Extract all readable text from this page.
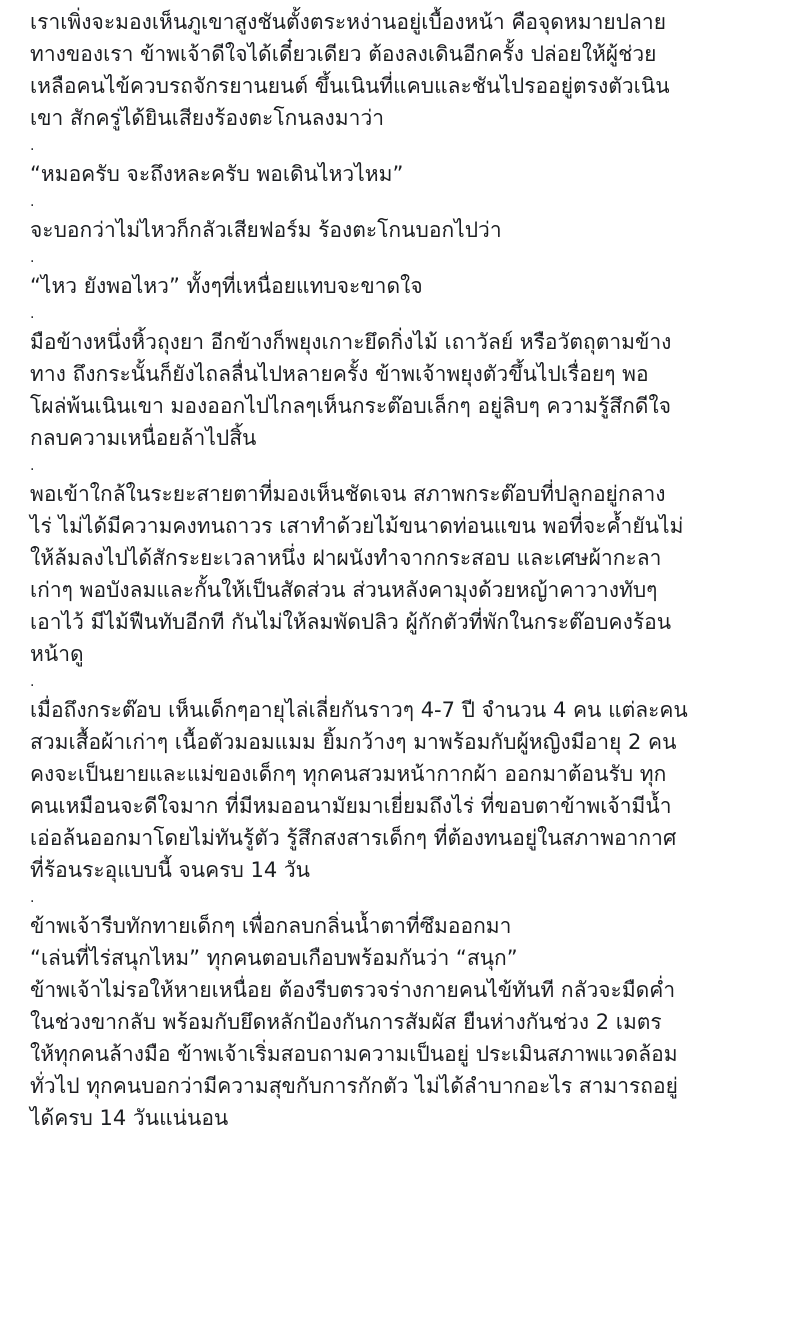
เราเพิ่งจะมองเห็นภูเขาสูงชันตั้งตระหง่านอยู่เบื้องหน้า คือจุดหมายปลาย
ทางของเรา ข้าพเจ้าดีใจได้เดี๋ยวเดียว ต้องลงเดินอีกครั้ง ปล่อยให้ผู้ช่วย
เหลือคนไข้ควบรถจักรยานยนต์ ขึ้นเนินที่แคบและชันไปรออยู่ตรงตัวเนิน
เขา สักครู่ได้ยินเสียงร้องตะโกนลงมาว่า
.
“หมอครับ จะถึงหละครับ พอเดินไหวไหม”
.
จะบอกว่าไม่ไหวก็กลัวเสียฟอร์ม ร้องตะโกนบอกไปว่า
.
“ไหว ยังพอไหว” ทั้งๆที่เหนื่อยแทบจะขาดใจ
.
มือข้างหนึ่งหิ้วถุงยา อีกข้างก็พยุงเกาะยึดกิ่งไม้ เถาวัลย์ หรือวัตถุตามข้าง
ทาง ถึงกระนั้นก็ยังไถลลื่นไปหลายครั้ง ข้าพเจ้าพยุงตัวขึ้นไปเรื่อยๆ พอ
โผล่พ้นเนินเขา มองออกไปไกลๆเห็นกระต๊อบเล็กๆ อยู่ลิบๆ ความรู้สึกดีใจ
กลบความเหนื่อยล้าไปสิ้น
.
พอเข้าใกล้ในระยะสายตาที่มองเห็นชัดเจน สภาพกระต๊อบที่ปลูกอยู่กลาง
ไร่ ไม่ได้มีความคงทนถาวร เสาทำด้วยไม้ขนาดท่อนแขน พอที่จะค้ำยันไม่
ให้ล้มลงไปได้สักระยะเวลาหนึ่ง ฝาผนังทำจากกระสอบ และเศษผ้ากะลา
เก่าๆ พอบังลมและกั้นให้เป็นสัดส่วน ส่วนหลังคามุงด้วยหญ้าคาวางทับๆ
เอาไว้ มีไม้ฟืนทับอีกที กันไม่ให้ลมพัดปลิว ผู้กักตัวที่พักในกระต๊อบคงร้อน
หน้าดู
.
เมื่อถึงกระต๊อบ เห็นเด็กๆอายุไล่เลี่ยกันราวๆ 4-7 ปี จำนวน 4 คน แต่ละคน
สวมเสื้อผ้าเก่าๆ เนื้อตัวมอมแมม ยิ้มกว้างๆ มาพร้อมกับผู้หญิงมีอายุ 2 คน
คงจะเป็นยายและแม่ของเด็กๆ ทุกคนสวมหน้ากากผ้า ออกมาต้อนรับ ทุก
คนเหมือนจะดีใจมาก ที่มีหมออนามัยมาเยี่ยมถึงไร่ ที่ขอบตาข้าพเจ้ามีน้ำ
เอ่อล้นออกมาโดยไม่ทันรู้ตัว รู้สึกสงสารเด็กๆ ที่ต้องทนอยู่ในสภาพอากาศ
ที่ร้อนระอุแบบนี้ จนครบ 14 วัน
.
ข้าพเจ้ารีบทักทายเด็กๆ เพื่อกลบกลิ่นน้ำตาที่ซึมออกมา
“เล่นที่ไร่สนุกไหม” ทุกคนตอบเกือบพร้อมกันว่า “สนุก”
ข้าพเจ้าไม่รอให้หายเหนื่อย ต้องรีบตรวจร่างกายคนไข้ทันที กลัวจะมืดค่ำ
ในช่วงขากลับ พร้อมกับยึดหลักป้องกันการสัมผัส ยืนห่างกันช่วง 2 เมตร
ให้ทุกคนล้างมือ ข้าพเจ้าเริ่มสอบถามความเป็นอยู่ ประเมินสภาพแวดล้อม
ทั่วไป ทุกคนบอกว่ามีความสุขกับการกักตัว ไม่ได้ลำบากอะไร สามารถอยู่
ได้ครบ 14 วันแน่นอน
